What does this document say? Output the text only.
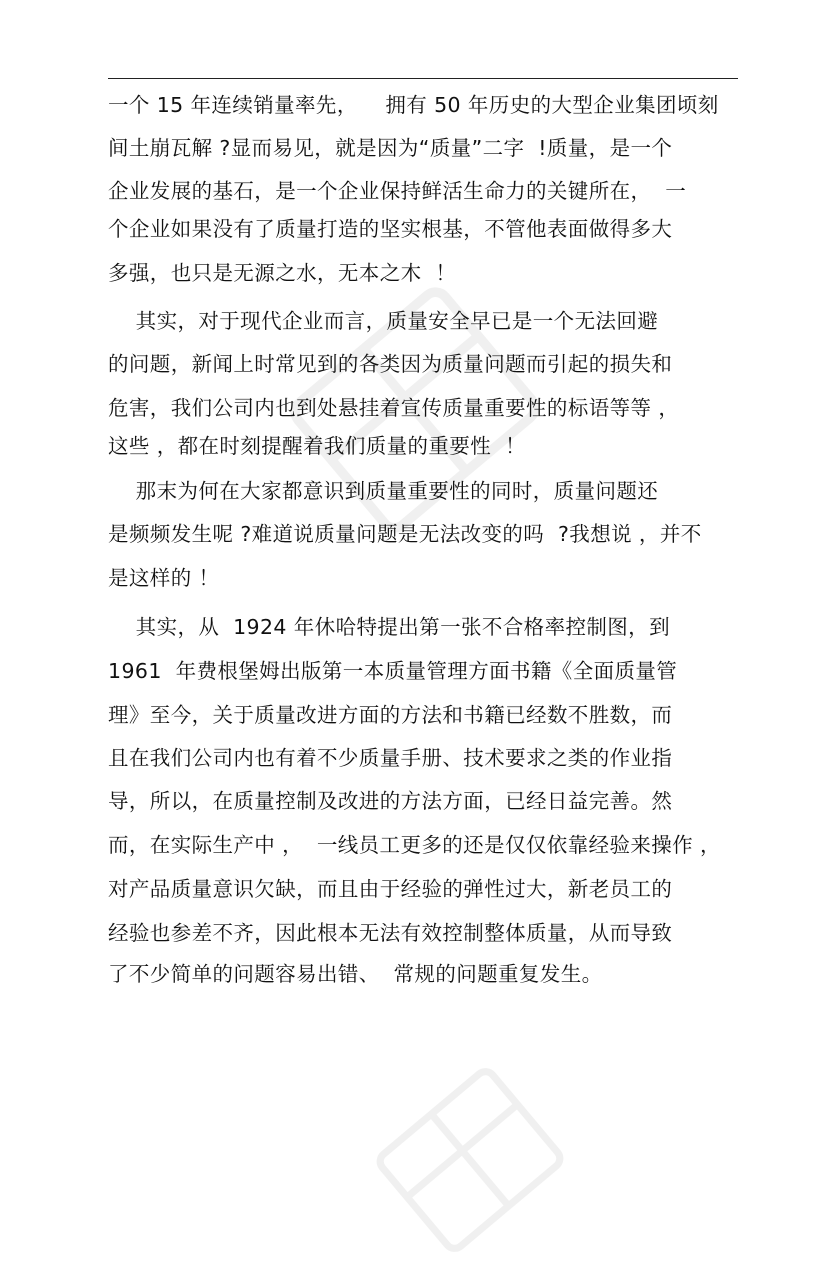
一个 15 年连续销量率先，    拥有 50 年历史的大型企业集团顷刻
间土崩瓦解 ?显而易见，就是因为“质量”二字  !质量，是一个
企业发展的基石，是一个企业保持鲜活生命力的关键所在，  一
个企业如果没有了质量打造的坚实根基，不管他表面做得多大
多强，也只是无源之水，无本之木  ！
其实，对于现代企业而言，质量安全早已是一个无法回避
的问题，新闻上时常见到的各类因为质量问题而引起的损失和
危害，我们公司内也到处悬挂着宣传质量重要性的标语等等 ，
这些 ，都在时刻提醒着我们质量的重要性  ！
那末为何在大家都意识到质量重要性的同时，质量问题还
是频频发生呢 ?难道说质量问题是无法改变的吗  ?我想说 ，并不
是这样的 ！
其实，从  1924 年休哈特提出第一张不合格率控制图，到
1961  年费根堡姆出版第一本质量管理方面书籍《全面质量管
理》至今，关于质量改进方面的方法和书籍已经数不胜数，而
且在我们公司内也有着不少质量手册、技术要求之类的作业指
导，所以，在质量控制及改进的方法方面，已经日益完善。然
而，在实际生产中 ，  一线员工更多的还是仅仅依靠经验来操作 ，
对产品质量意识欠缺，而且由于经验的弹性过大，新老员工的
经验也参差不齐，因此根本无法有效控制整体质量，从而导致
了不少简单的问题容易出错、  常规的问题重复发生。
